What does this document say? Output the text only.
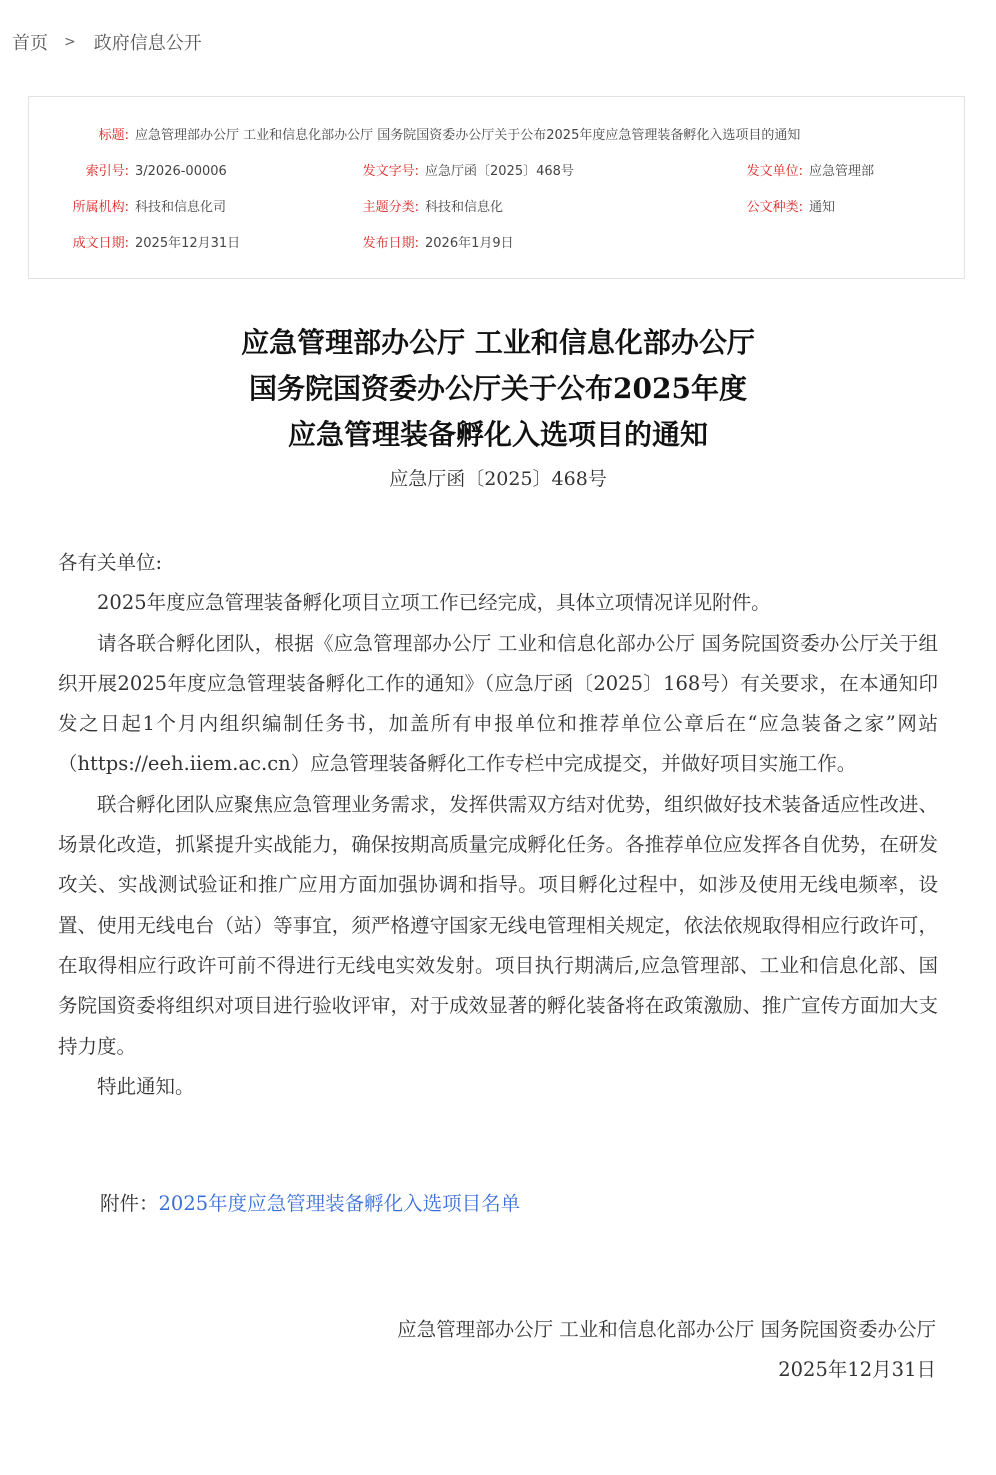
首页 > 政府信息公开
标题: 应急管理部办公厅 工业和信息化部办公厅 国务院国资委办公厅关于公布2025年度应急管理装备孵化入选项目的通知
索引号: 3/2026-00006	发文字号: 应急厅函〔2025〕468号	发文单位: 应急管理部
所属机构: 科技和信息化司	主题分类: 科技和信息化	公文种类: 通知
成文日期: 2025年12月31日	发布日期: 2026年1月9日
应急管理部办公厅 工业和信息化部办公厅
国务院国资委办公厅关于公布2025年度
应急管理装备孵化入选项目的通知
应急厅函〔2025〕468号

各有关单位:

2025年度应急管理装备孵化项目立项工作已经完成，具体立项情况详见附件。

请各联合孵化团队，根据《应急管理部办公厅 工业和信息化部办公厅 国务院国资委办公厅关于组织开展2025年度应急管理装备孵化工作的通知》（应急厅函〔2025〕168号）有关要求，在本通知印发之日起1个月内组织编制任务书，加盖所有申报单位和推荐单位公章后在“应急装备之家”网站（https://eeh.iiem.ac.cn）应急管理装备孵化工作专栏中完成提交，并做好项目实施工作。

联合孵化团队应聚焦应急管理业务需求，发挥供需双方结对优势，组织做好技术装备适应性改进、场景化改造，抓紧提升实战能力，确保按期高质量完成孵化任务。各推荐单位应发挥各自优势，在研发攻关、实战测试验证和推广应用方面加强协调和指导。项目孵化过程中，如涉及使用无线电频率，设置、使用无线电台（站）等事宜，须严格遵守国家无线电管理相关规定，依法依规取得相应行政许可，在取得相应行政许可前不得进行无线电实效发射。项目执行期满后,应急管理部、工业和信息化部、国务院国资委将组织对项目进行验收评审，对于成效显著的孵化装备将在政策激励、推广宣传方面加大支持力度。

特此通知。

附件：2025年度应急管理装备孵化入选项目名单
应急管理部办公厅 工业和信息化部办公厅 国务院国资委办公厅
2025年12月31日
